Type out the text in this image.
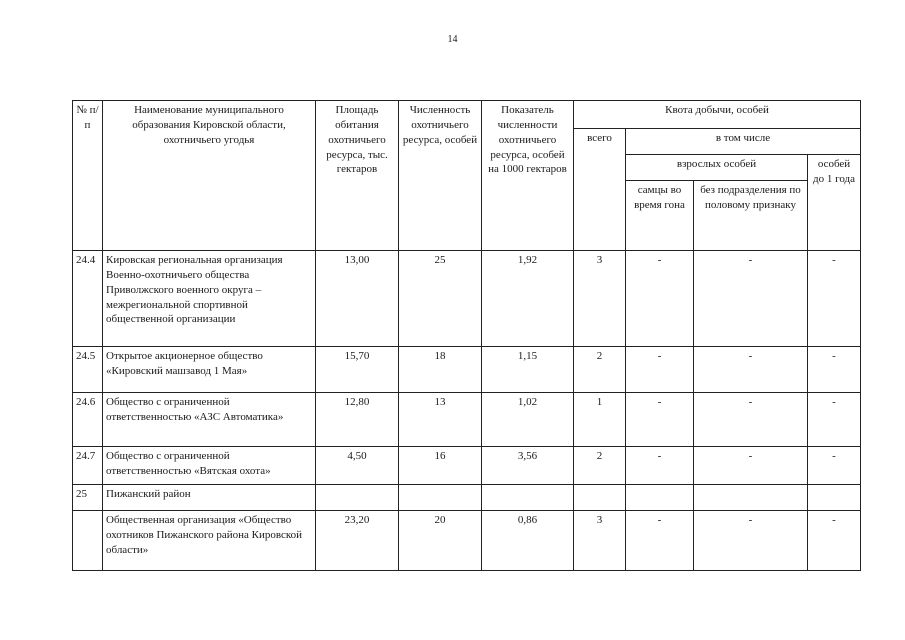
14
№ п/п	Наименование муниципального образования Кировской области, охотничьего угодья	Площадь обитания охотничьего ресурса, тыс. гектаров	Численность охотничьего ресурса, особей	Показатель численности охотничьего ресурса, особей на 1000 гектаров	Квота добычи, особей			
					всего	в том числе		
						взрослых особей		особей до 1 года
						самцы во время гона	без подразделения по половому признаку	
24.4	Кировская региональная организация Военно-охотничьего общества Приволжского военного округа – межрегиональной спортивной общественной организации	13,00	25	1,92	3	-	-	-
24.5	Открытое акционерное общество «Кировский машзавод 1 Мая»	15,70	18	1,15	2	-	-	-
24.6	Общество с ограниченной ответственностью «АЗС Автоматика»	12,80	13	1,02	1	-	-	-
24.7	Общество с ограниченной ответственностью «Вятская охота»	4,50	16	3,56	2	-	-	-
25	Пижанский район							
	Общественная организация «Общество охотников Пижанского района Кировской области»	23,20	20	0,86	3	-	-	-
